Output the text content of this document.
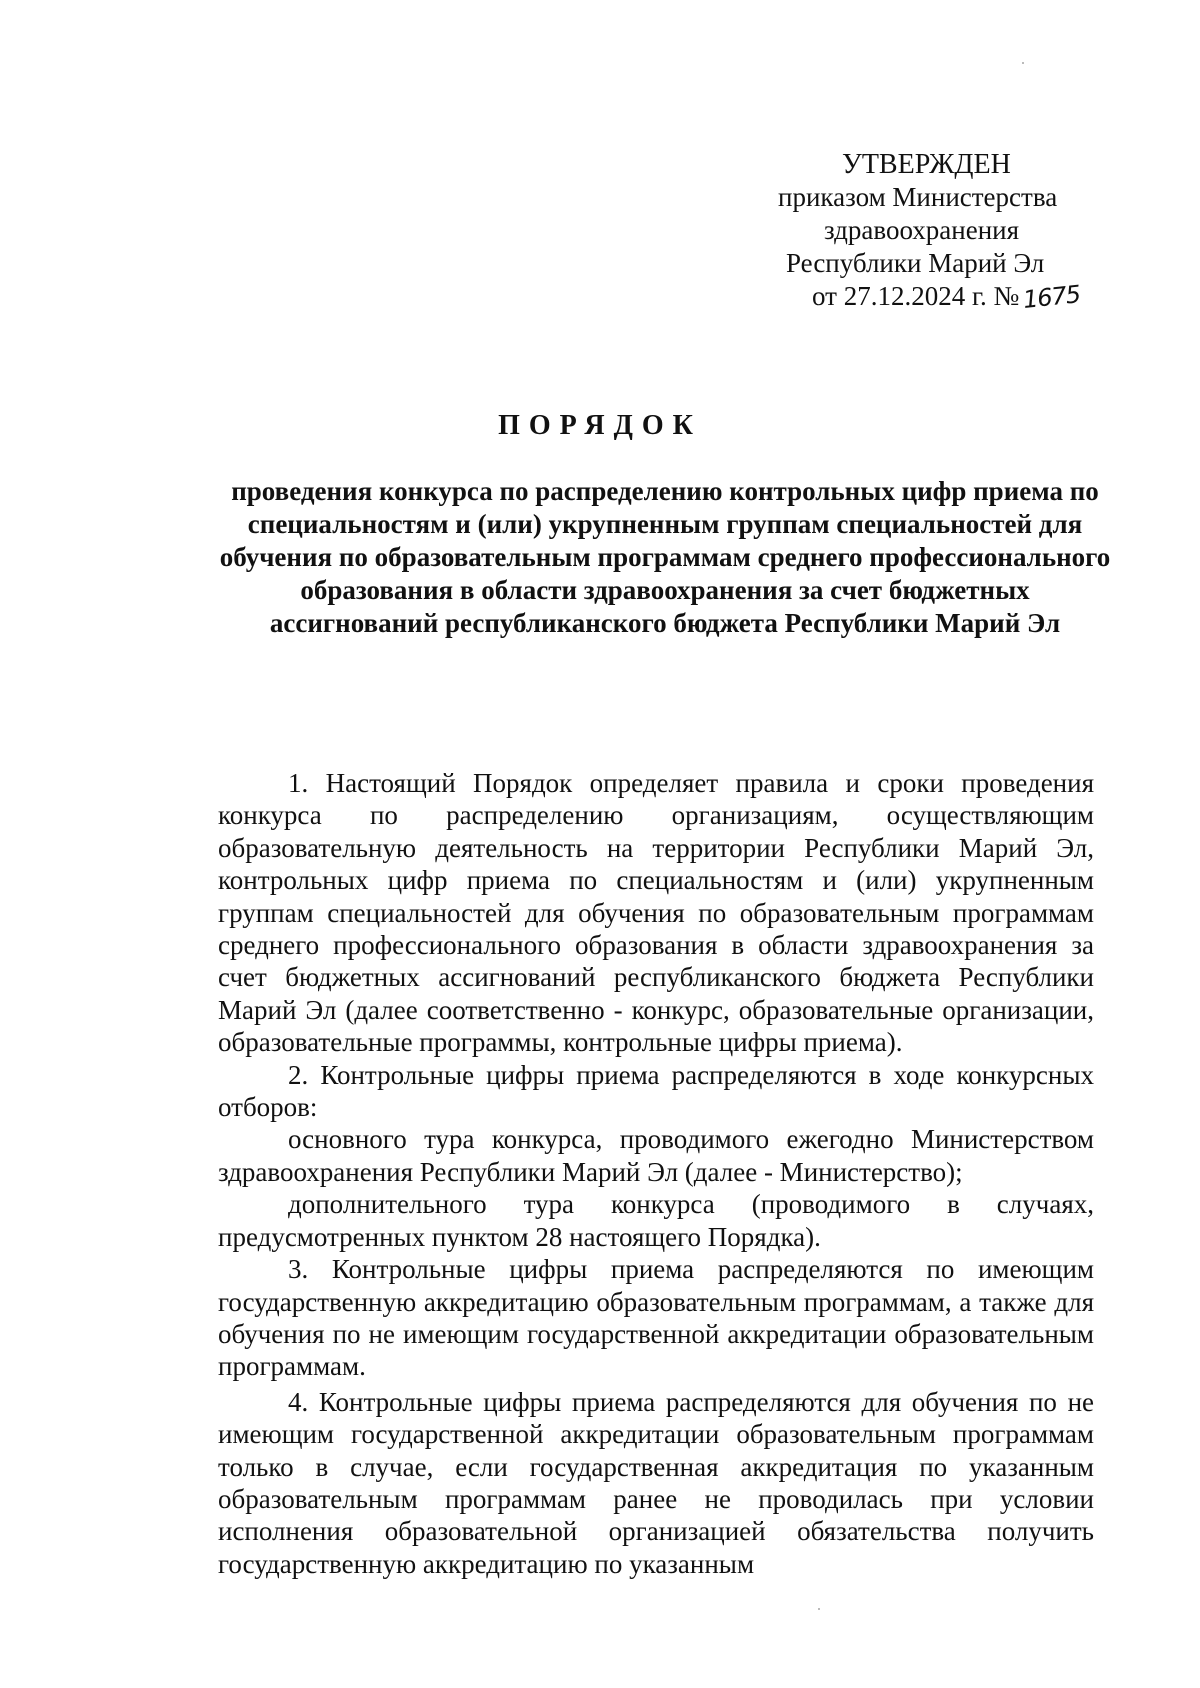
УТВЕРЖДЕН
приказом Министерства
здравоохранения
Республики Марий Эл
от 27.12.2024 г. № 1675
ПОРЯДОК
проведения конкурса по распределению контрольных цифр приема по специальностям и (или) укрупненным группам специальностей для обучения по образовательным программам среднего профессионального образования в области здравоохранения за счет бюджетных ассигнований республиканского бюджета Республики Марий Эл

1. Настоящий Порядок определяет правила и сроки проведения конкурса по распределению организациям, осуществляющим образовательную деятельность на территории Республики Марий Эл, контрольных цифр приема по специальностям и (или) укрупненным группам специальностей для обучения по образовательным программам среднего профессионального образования в области здравоохранения за счет бюджетных ассигнований республиканского бюджета Республики Марий Эл (далее соответственно - конкурс, образовательные организации, образовательные программы, контрольные цифры приема).

2. Контрольные цифры приема распределяются в ходе конкурсных отборов:

основного тура конкурса, проводимого ежегодно Министерством здравоохранения Республики Марий Эл (далее - Министерство);

дополнительного тура конкурса (проводимого в случаях, предусмотренных пунктом 28 настоящего Порядка).

3. Контрольные цифры приема распределяются по имеющим государственную аккредитацию образовательным программам, а также для обучения по не имеющим государственной аккредитации образовательным программам.

4. Контрольные цифры приема распределяются для обучения по не имеющим государственной аккредитации образовательным программам только в случае, если государственная аккредитация по указанным образовательным программам ранее не проводилась при условии исполнения образовательной организацией обязательства получить государственную аккредитацию по указанным
